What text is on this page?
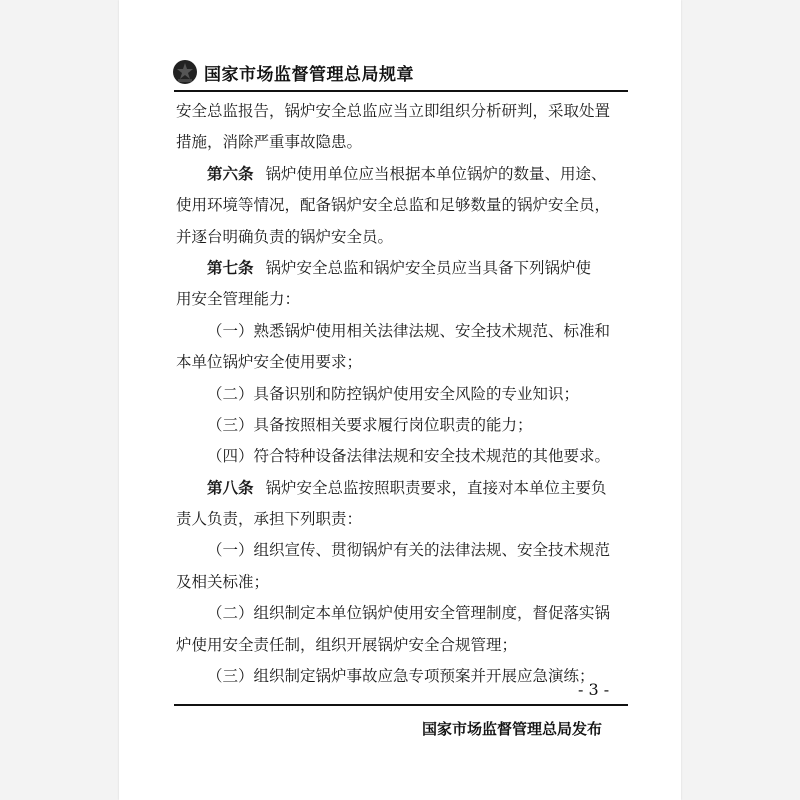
国家市场监督管理总局规章
安全总监报告，锅炉安全总监应当立即组织分析研判，采取处置
措施，消除严重事故隐患。
第六条 锅炉使用单位应当根据本单位锅炉的数量、用途、
使用环境等情况，配备锅炉安全总监和足够数量的锅炉安全员，
并逐台明确负责的锅炉安全员。
第七条 锅炉安全总监和锅炉安全员应当具备下列锅炉使
用安全管理能力：
（一）熟悉锅炉使用相关法律法规、安全技术规范、标准和
本单位锅炉安全使用要求；
（二）具备识别和防控锅炉使用安全风险的专业知识；
（三）具备按照相关要求履行岗位职责的能力；
（四）符合特种设备法律法规和安全技术规范的其他要求。
第八条 锅炉安全总监按照职责要求，直接对本单位主要负
责人负责，承担下列职责：
（一）组织宣传、贯彻锅炉有关的法律法规、安全技术规范
及相关标准；
（二）组织制定本单位锅炉使用安全管理制度，督促落实锅
炉使用安全责任制，组织开展锅炉安全合规管理；
（三）组织制定锅炉事故应急专项预案并开展应急演练；
- 3 -
国家市场监督管理总局发布
